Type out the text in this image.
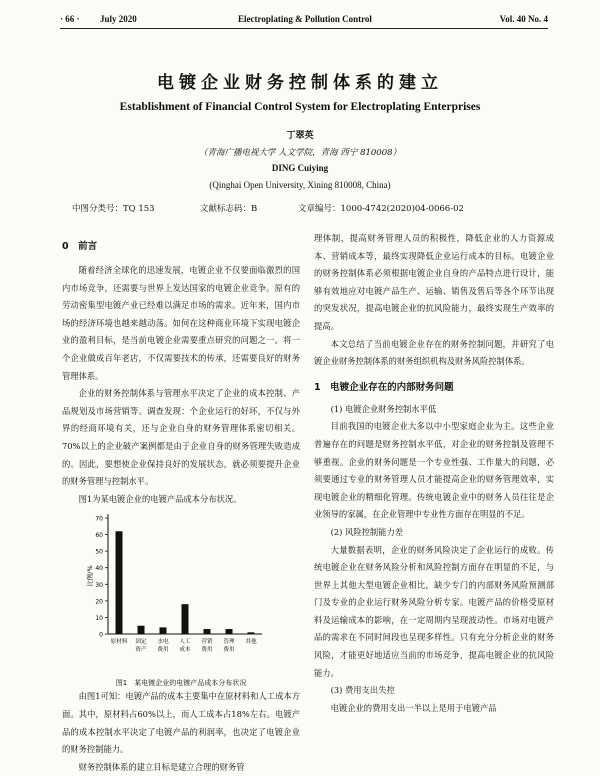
· 66 · July 2020	Electroplating & Pollution Control	Vol. 40 No. 4
电镀企业财务控制体系的建立
Establishment of Financial Control System for Electroplating Enterprises
丁翠英
（青海广播电视大学 人文学院，青海 西宁 810008）
DING Cuiying
(Qinghai Open University, Xining 810008, China)
中图分类号：TQ 153	文献标志码：B	文章编号：1000-4742(2020)04-0066-02
0　前言

随着经济全球化的迅速发展，电镀企业不仅要面临激烈的国内市场竞争，还需要与世界上发达国家的电镀企业竞争。原有的劳动密集型电镀产业已经难以满足市场的需求。近年来，国内市场的经济环境也越来越动荡。如何在这种商业环境下实现电镀企业的盈利目标，是当前电镀企业需要重点研究的问题之一。将一个企业做成百年老店，不仅需要技术的传承，还需要良好的财务管理体系。

企业的财务控制体系与管理水平决定了企业的成本控制、产品规划及市场营销等。调查发现：个企业运行的好坏，不仅与外界的经商环境有关，还与企业自身的财务管理体系密切相关。70%以上的企业破产案例都是由于企业自身的财务管理失败造成的。因此，要想使企业保持良好的发展状态，就必须要提升企业的财务管理与控制水平。

图1为某电镀企业的电镀产品成本分布状况。

0
10
20
30
40
50
60
70
比例/%
原材料 固定
资产
水电
费用
人工
成本
营销
费用
管理
费用
其他
图1　某电镀企业的电镀产品成本分布状况

由图1可知：电镀产品的成本主要集中在原材料和人工成本方面。其中，原材料占60%以上，而人工成本占18%左右。电镀产品的成本控制水平决定了电镀产品的利润率，也决定了电镀企业的财务控制能力。

财务控制体系的建立目标是建立合理的财务管

理体制，提高财务管理人员的积极性，降低企业的人力资源成本、营销成本等，最终实现降低企业运行成本的目标。电镀企业的财务控制体系必须根据电镀企业自身的产品特点进行设计，能够有效地应对电镀产品生产、运输、销售及售后等各个环节出现的突发状况，提高电镀企业的抗风险能力，最终实现生产效率的提高。

本文总结了当前电镀企业存在的财务控制问题，并研究了电镀企业财务控制体系的财务组织机构及财务风险控制体系。

1　电镀企业存在的内部财务问题

(1) 电镀企业财务控制水平低

目前我国的电镀企业大多以中小型家庭企业为主。这些企业普遍存在的问题是财务控制水平低，对企业的财务控制及管理不够重视。企业的财务问题是一个专业性强、工作量大的问题，必须要通过专业的财务管理人员才能提高企业的财务管理效率，实现电镀企业的精细化管理。传统电镀企业中的财务人员往往是企业领导的家属，在企业管理中专业性方面存在明显的不足。

(2) 风险控制能力差

大量数据表明，企业的财务风险决定了企业运行的成败。传统电镀企业在财务风险分析和风险控制方面存在明显的不足，与世界上其他大型电镀企业相比，缺少专门的内部财务风险预测部门及专业的企业运行财务风险分析专家。电镀产品的价格受原材料及运输成本的影响，在一定周期内呈现波动性。市场对电镀产品的需求在不同时间段也呈现多样性。只有充分分析企业的财务风险，才能更好地适应当前的市场竞争，提高电镀企业的抗风险能力。

(3) 费用支出失控

电镀企业的费用支出一半以上是用于电镀产品
